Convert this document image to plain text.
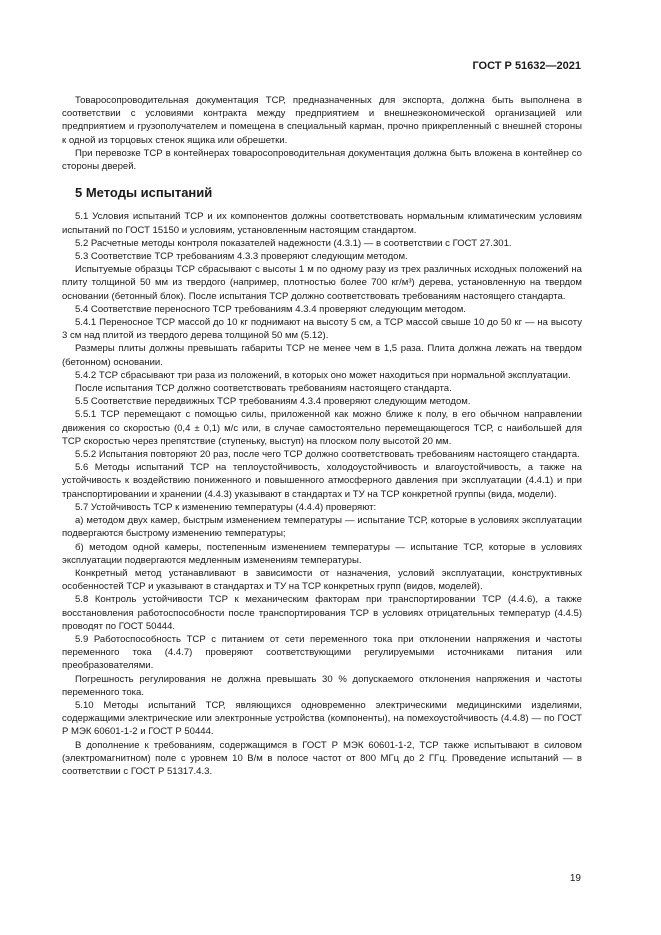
ГОСТ Р 51632—2021

Товаросопроводительная документация ТСР, предназначенных для экспорта, должна быть выполнена в соответствии с условиями контракта между предприятием и внешнеэкономической организацией или предприятием и грузополучателем и помещена в специальный карман, прочно прикрепленный с внешней стороны к одной из торцовых стенок ящика или обрешетки.

При перевозке ТСР в контейнерах товаросопроводительная документация должна быть вложена в контейнер со стороны дверей.

5 Методы испытаний

5.1 Условия испытаний ТСР и их компонентов должны соответствовать нормальным климатическим условиям испытаний по ГОСТ 15150 и условиям, установленным настоящим стандартом.

5.2 Расчетные методы контроля показателей надежности (4.3.1) — в соответствии с ГОСТ 27.301.

5.3 Соответствие ТСР требованиям 4.3.3 проверяют следующим методом.

Испытуемые образцы ТСР сбрасывают с высоты 1 м по одному разу из трех различных исходных положений на плиту толщиной 50 мм из твердого (например, плотностью более 700 кг/м³) дерева, установленную на твердом основании (бетонный блок). После испытания ТСР должно соответствовать требованиям настоящего стандарта.

5.4 Соответствие переносного ТСР требованиям 4.3.4 проверяют следующим методом.

5.4.1 Переносное ТСР массой до 10 кг поднимают на высоту 5 см, а ТСР массой свыше 10 до 50 кг — на высоту 3 см над плитой из твердого дерева толщиной 50 мм (5.12).

Размеры плиты должны превышать габариты ТСР не менее чем в 1,5 раза. Плита должна лежать на твердом (бетонном) основании.

5.4.2 ТСР сбрасывают три раза из положений, в которых оно может находиться при нормальной эксплуатации.

После испытания ТСР должно соответствовать требованиям настоящего стандарта.

5.5 Соответствие передвижных ТСР требованиям 4.3.4 проверяют следующим методом.

5.5.1 ТСР перемещают с помощью силы, приложенной как можно ближе к полу, в его обычном направлении движения со скоростью (0,4 ± 0,1) м/с или, в случае самостоятельно перемещающегося ТСР, с наибольшей для ТСР скоростью через препятствие (ступеньку, выступ) на плоском полу высотой 20 мм.

5.5.2 Испытания повторяют 20 раз, после чего ТСР должно соответствовать требованиям настоящего стандарта.

5.6 Методы испытаний ТСР на теплоустойчивость, холодоустойчивость и влагоустойчивость, а также на устойчивость к воздействию пониженного и повышенного атмосферного давления при эксплуатации (4.4.1) и при транспортировании и хранении (4.4.3) указывают в стандартах и ТУ на ТСР конкретной группы (вида, модели).

5.7 Устойчивость ТСР к изменению температуры (4.4.4) проверяют:

а) методом двух камер, быстрым изменением температуры — испытание ТСР, которые в условиях эксплуатации подвергаются быстрому изменению температуры;

б) методом одной камеры, постепенным изменением температуры — испытание ТСР, которые в условиях эксплуатации подвергаются медленным изменениям температуры.

Конкретный метод устанавливают в зависимости от назначения, условий эксплуатации, конструктивных особенностей ТСР и указывают в стандартах и ТУ на ТСР конкретных групп (видов, моделей).

5.8 Контроль устойчивости ТСР к механическим факторам при транспортировании ТСР (4.4.6), а также восстановления работоспособности после транспортирования ТСР в условиях отрицательных температур (4.4.5) проводят по ГОСТ 50444.

5.9 Работоспособность ТСР с питанием от сети переменного тока при отклонении напряжения и частоты переменного тока (4.4.7) проверяют соответствующими регулируемыми источниками питания или преобразователями.

Погрешность регулирования не должна превышать 30 % допускаемого отклонения напряжения и частоты переменного тока.

5.10 Методы испытаний ТСР, являющихся одновременно электрическими медицинскими изделиями, содержащими электрические или электронные устройства (компоненты), на помехоустойчивость (4.4.8) — по ГОСТ Р МЭК 60601-1-2 и ГОСТ Р 50444.

В дополнение к требованиям, содержащимся в ГОСТ Р МЭК 60601-1-2, ТСР также испытывают в силовом (электромагнитном) поле с уровнем 10 В/м в полосе частот от 800 МГц до 2 ГГц. Проведение испытаний — в соответствии с ГОСТ Р 51317.4.3.

19
